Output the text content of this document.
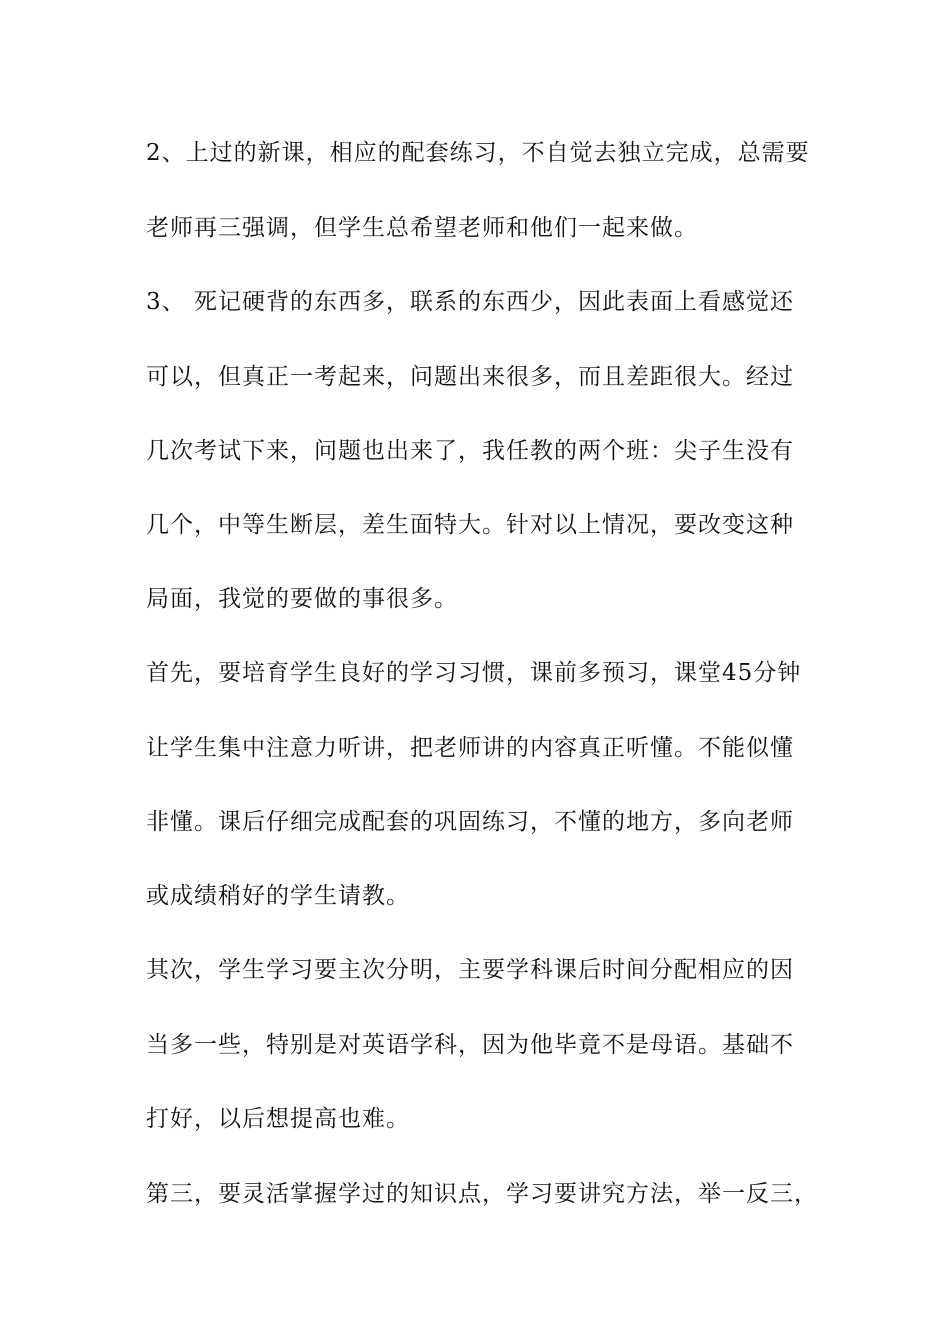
2、上过的新课，相应的配套练习，不自觉去独立完成，总需要
老师再三强调，但学生总希望老师和他们一起来做。
3、 死记硬背的东西多，联系的东西少，因此表面上看感觉还
可以，但真正一考起来，问题出来很多，而且差距很大。经过
几次考试下来，问题也出来了，我任教的两个班：尖子生没有
几个，中等生断层，差生面特大。针对以上情况，要改变这种
局面，我觉的要做的事很多。
首先，要培育学生良好的学习习惯，课前多预习，课堂45分钟
让学生集中注意力听讲，把老师讲的内容真正听懂。不能似懂
非懂。课后仔细完成配套的巩固练习，不懂的地方，多向老师
或成绩稍好的学生请教。
其次，学生学习要主次分明，主要学科课后时间分配相应的因
当多一些，特别是对英语学科，因为他毕竟不是母语。基础不
打好，以后想提高也难。
第三，要灵活掌握学过的知识点，学习要讲究方法，举一反三，
